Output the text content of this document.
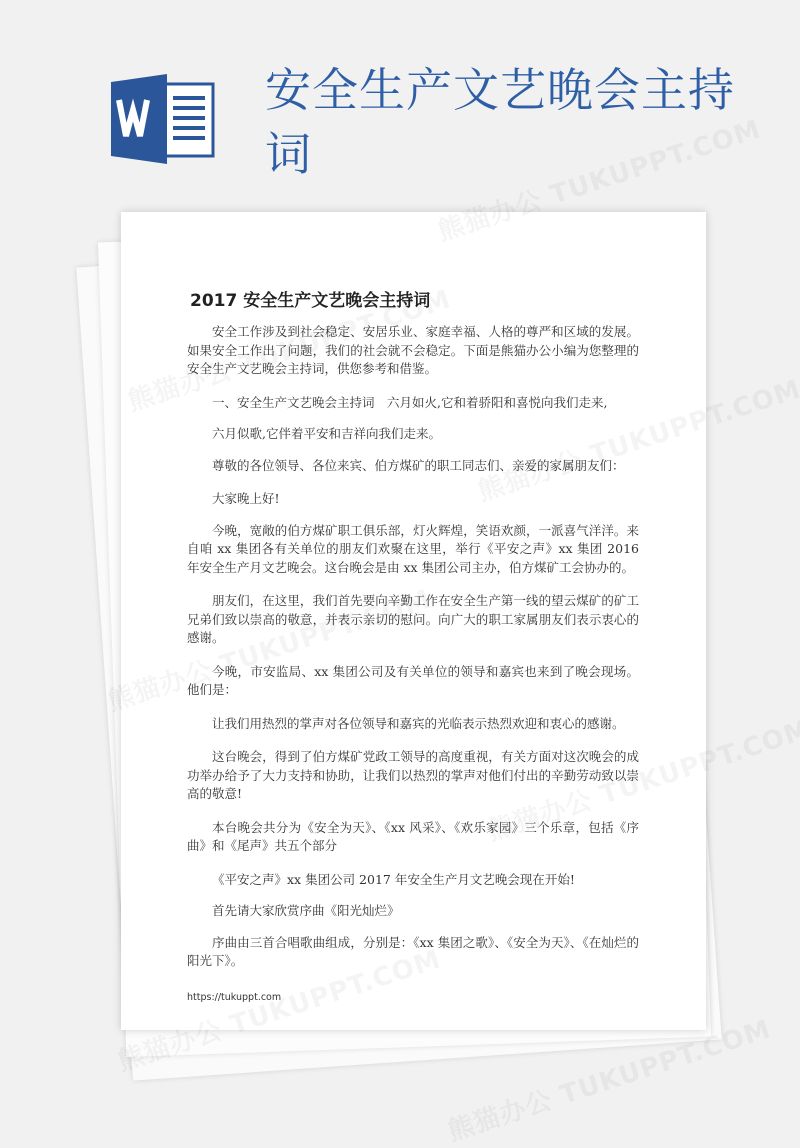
安全生产文艺晚会主持词
2017 安全生产文艺晚会主持词

安全工作涉及到社会稳定、安居乐业、家庭幸福、人格的尊严和区域的发展。如果安全工作出了问题，我们的社会就不会稳定。下面是熊猫办公小编为您整理的安全生产文艺晚会主持词，供您参考和借鉴。

一、安全生产文艺晚会主持词　六月如火,它和着骄阳和喜悦向我们走来,

六月似歌,它伴着平安和吉祥向我们走来。

尊敬的各位领导、各位来宾、伯方煤矿的职工同志们、亲爱的家属朋友们：

大家晚上好!

今晚，宽敞的伯方煤矿职工俱乐部，灯火辉煌，笑语欢颜，一派喜气洋洋。来自咱 xx 集团各有关单位的朋友们欢聚在这里，举行《平安之声》xx 集团 2016 年安全生产月文艺晚会。这台晚会是由 xx 集团公司主办，伯方煤矿工会协办的。

朋友们，在这里，我们首先要向辛勤工作在安全生产第一线的望云煤矿的矿工兄弟们致以崇高的敬意，并表示亲切的慰问。向广大的职工家属朋友们表示衷心的感谢。

今晚，市安监局、xx 集团公司及有关单位的领导和嘉宾也来到了晚会现场。他们是：

让我们用热烈的掌声对各位领导和嘉宾的光临表示热烈欢迎和衷心的感谢。

这台晚会，得到了伯方煤矿党政工领导的高度重视，有关方面对这次晚会的成功举办给予了大力支持和协助，让我们以热烈的掌声对他们付出的辛勤劳动致以崇高的敬意!

本台晚会共分为《安全为天》、《xx 风采》、《欢乐家园》三个乐章，包括《序曲》和《尾声》共五个部分

《平安之声》xx 集团公司 2017 年安全生产月文艺晚会现在开始!

首先请大家欣赏序曲《阳光灿烂》

序曲由三首合唱歌曲组成，分别是：《xx 集团之歌》、《安全为天》、《在灿烂的阳光下》。

https://tukuppt.com
